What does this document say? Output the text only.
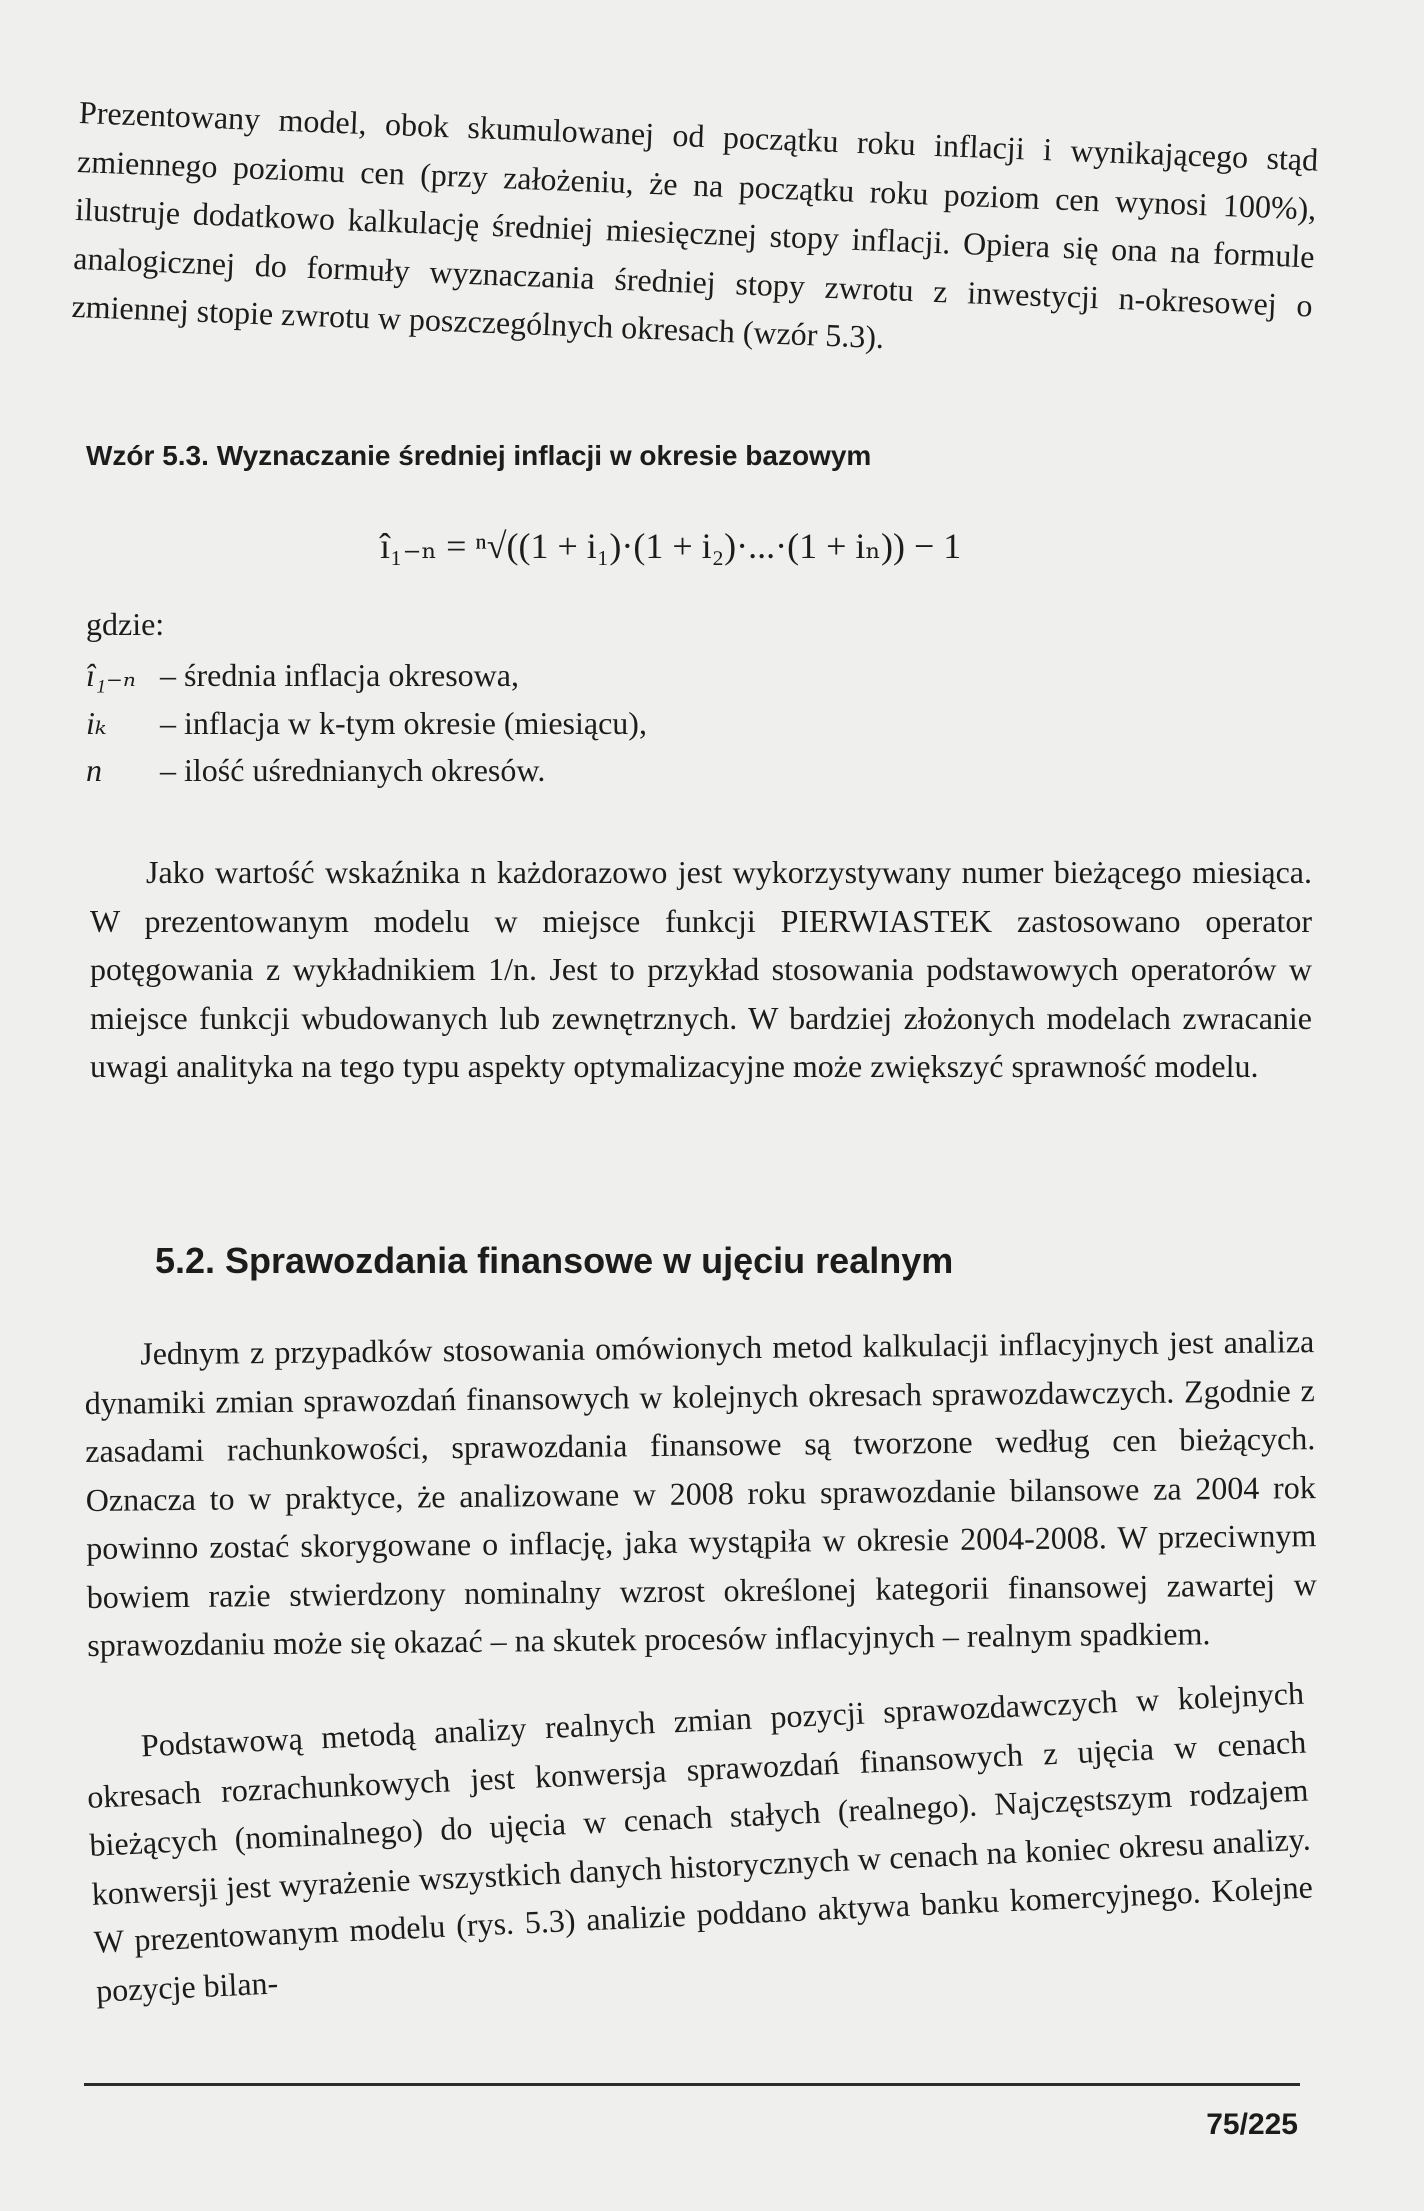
Prezentowany model, obok skumulowanej od początku roku inflacji i wynikającego stąd zmiennego poziomu cen (przy założeniu, że na początku roku poziom cen wynosi 100%), ilustruje dodatkowo kalkulację średniej miesięcznej stopy inflacji. Opiera się ona na formule analogicznej do formuły wyznaczania średniej stopy zwrotu z inwestycji n-okresowej o zmiennej stopie zwrotu w poszczególnych okresach (wzór 5.3).
Wzór 5.3. Wyznaczanie średniej inflacji w okresie bazowym
î₁₋ₙ = ⁿ√((1 + i₁)·(1 + i₂)·...·(1 + iₙ)) − 1
gdzie:
î₁₋ₙ – średnia inflacja okresowa,
iₖ – inflacja w k-tym okresie (miesiącu),
n – ilość uśrednianych okresów.
Jako wartość wskaźnika n każdorazowo jest wykorzystywany numer bieżącego miesiąca. W prezentowanym modelu w miejsce funkcji PIERWIASTEK zastosowano operator potęgowania z wykładnikiem 1/n. Jest to przykład stosowania podstawowych operatorów w miejsce funkcji wbudowanych lub zewnętrznych. W bardziej złożonych modelach zwracanie uwagi analityka na tego typu aspekty optymalizacyjne może zwiększyć sprawność modelu.
5.2. Sprawozdania finansowe w ujęciu realnym
Jednym z przypadków stosowania omówionych metod kalkulacji inflacyjnych jest analiza dynamiki zmian sprawozdań finansowych w kolejnych okresach sprawozdawczych. Zgodnie z zasadami rachunkowości, sprawozdania finansowe są tworzone według cen bieżących. Oznacza to w praktyce, że analizowane w 2008 roku sprawozdanie bilansowe za 2004 rok powinno zostać skorygowane o inflację, jaka wystąpiła w okresie 2004-2008. W przeciwnym bowiem razie stwierdzony nominalny wzrost określonej kategorii finansowej zawartej w sprawozdaniu może się okazać – na skutek procesów inflacyjnych – realnym spadkiem.
Podstawową metodą analizy realnych zmian pozycji sprawozdawczych w kolejnych okresach rozrachunkowych jest konwersja sprawozdań finansowych z ujęcia w cenach bieżących (nominalnego) do ujęcia w cenach stałych (realnego). Najczęstszym rodzajem konwersji jest wyrażenie wszystkich danych historycznych w cenach na koniec okresu analizy. W prezentowanym modelu (rys. 5.3) analizie poddano aktywa banku komercyjnego. Kolejne pozycje bilan-
75/225
